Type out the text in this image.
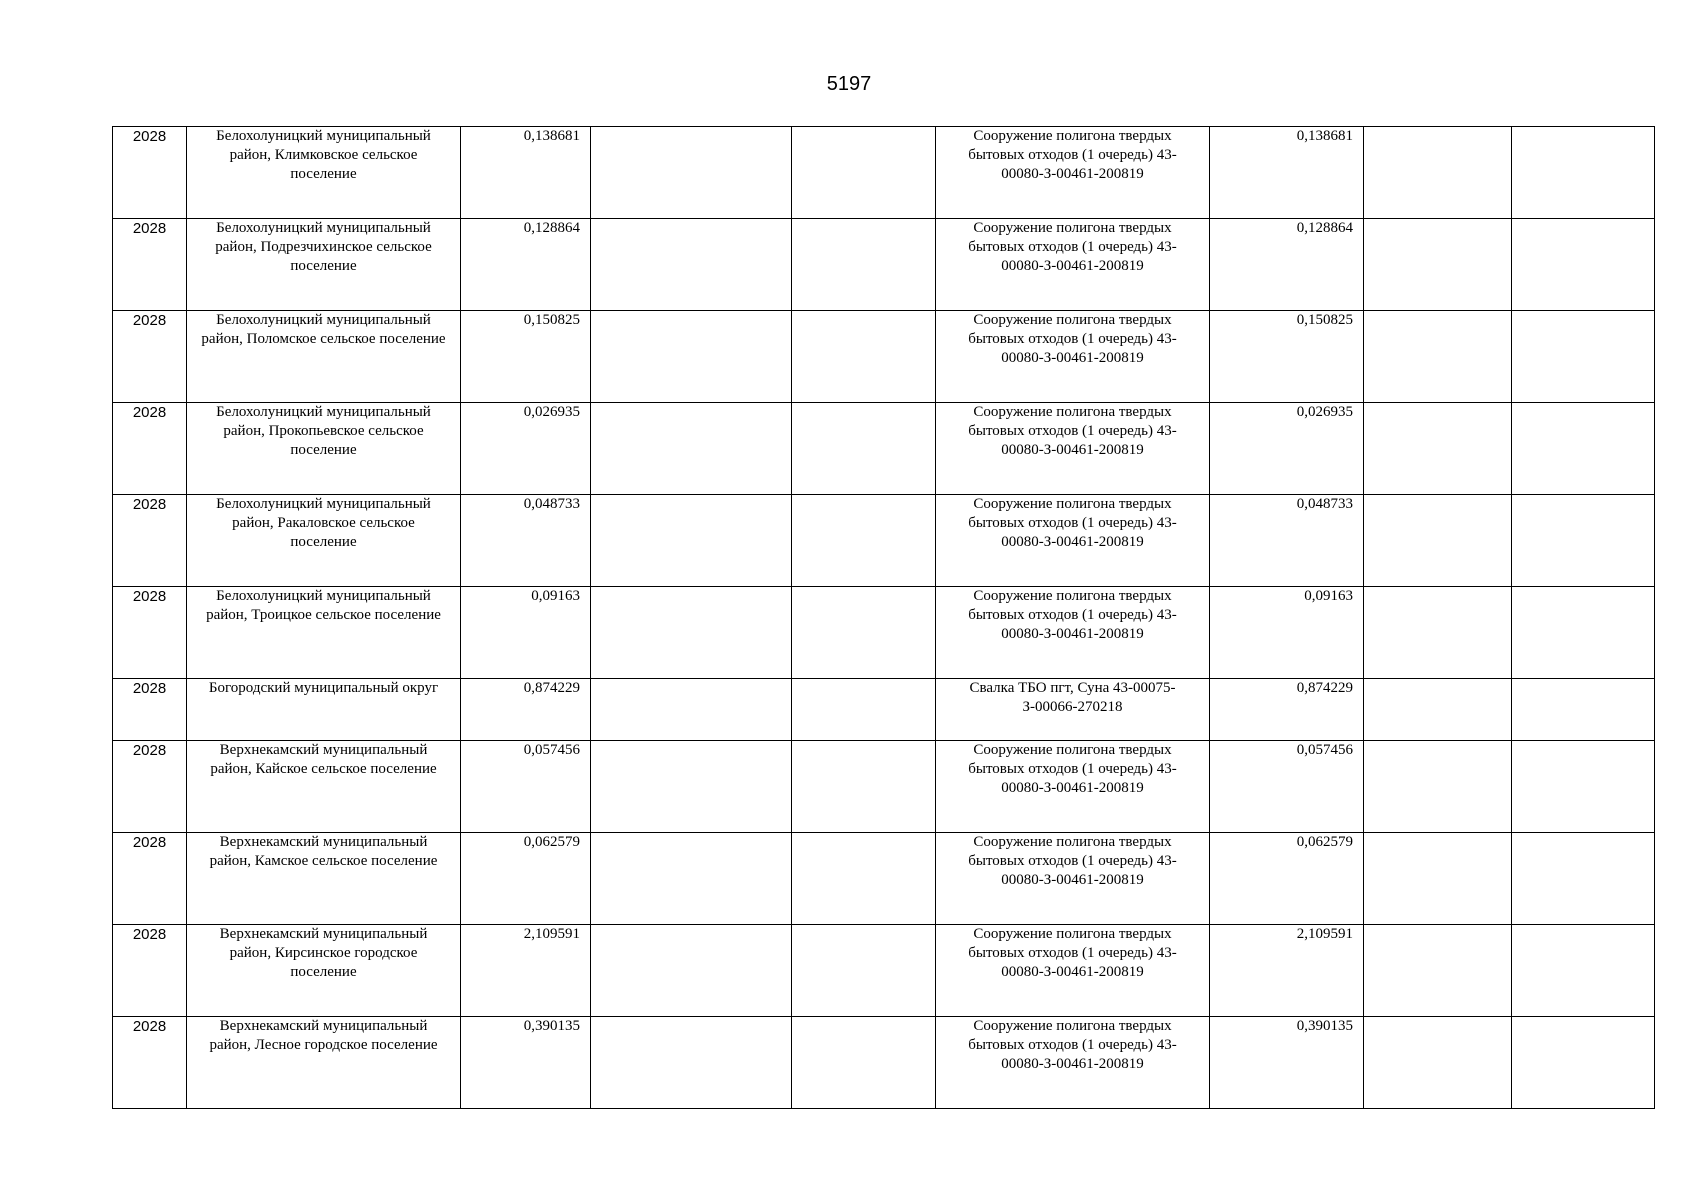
5197
2028	Белохолуницкий муниципальный район, Климковское сельское поселение	0,138681			Сооружение полигона твердых бытовых отходов (1 очередь) 43-00080-З-00461-200819	0,138681		

2028	Белохолуницкий муниципальный район, Подрезчихинское сельское поселение	0,128864			Сооружение полигона твердых бытовых отходов (1 очередь) 43-00080-З-00461-200819	0,128864		

2028	Белохолуницкий муниципальный район, Поломское сельское поселение	0,150825			Сооружение полигона твердых бытовых отходов (1 очередь) 43-00080-З-00461-200819	0,150825		

2028	Белохолуницкий муниципальный район, Прокопьевское сельское поселение	0,026935			Сооружение полигона твердых бытовых отходов (1 очередь) 43-00080-З-00461-200819	0,026935		

2028	Белохолуницкий муниципальный район, Ракаловское сельское поселение	0,048733			Сооружение полигона твердых бытовых отходов (1 очередь) 43-00080-З-00461-200819	0,048733		

2028	Белохолуницкий муниципальный район, Троицкое сельское поселение	0,09163			Сооружение полигона твердых бытовых отходов (1 очередь) 43-00080-З-00461-200819	0,09163		

2028	Богородский муниципальный округ	0,874229			Свалка ТБО пгт, Суна 43-00075-З-00066-270218	0,874229		

2028	Верхнекамский муниципальный район, Кайское сельское поселение	0,057456			Сооружение полигона твердых бытовых отходов (1 очередь) 43-00080-З-00461-200819	0,057456		

2028	Верхнекамский муниципальный район, Камское сельское поселение	0,062579			Сооружение полигона твердых бытовых отходов (1 очередь) 43-00080-З-00461-200819	0,062579		

2028	Верхнекамский муниципальный район, Кирсинское городское поселение	2,109591			Сооружение полигона твердых бытовых отходов (1 очередь) 43-00080-З-00461-200819	2,109591		

2028	Верхнекамский муниципальный район, Лесное городское поселение	0,390135			Сооружение полигона твердых бытовых отходов (1 очередь) 43-00080-З-00461-200819	0,390135		
